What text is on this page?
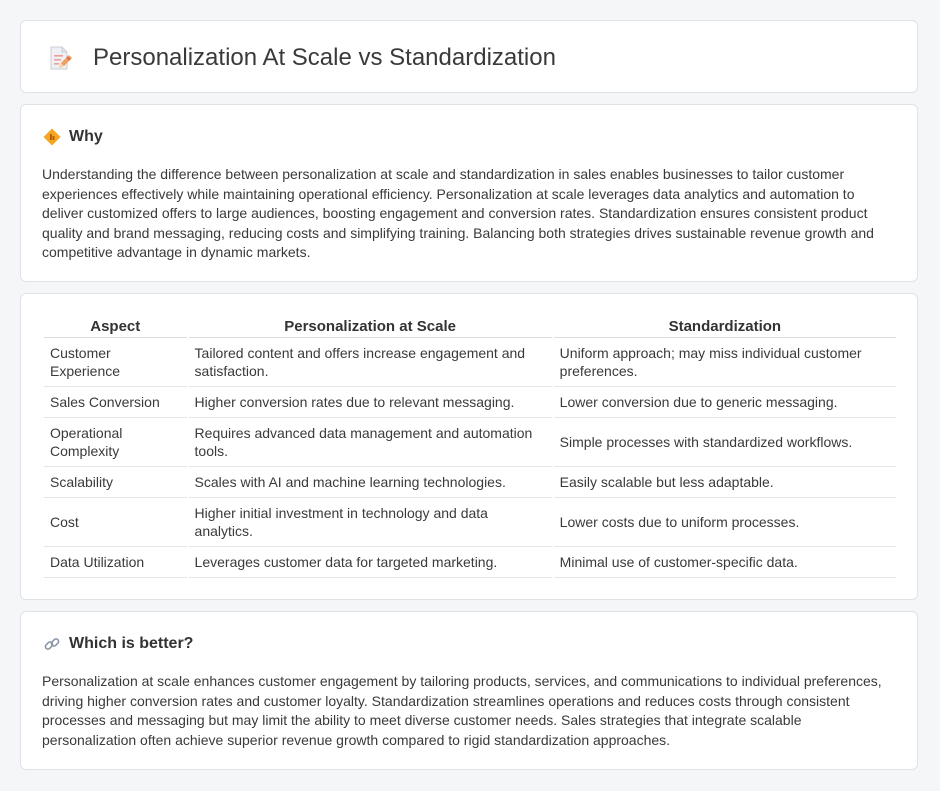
Personalization At Scale vs Standardization
Why

Understanding the difference between personalization at scale and standardization in sales enables businesses to tailor customer experiences effectively while maintaining operational efficiency. Personalization at scale leverages data analytics and automation to deliver customized offers to large audiences, boosting engagement and conversion rates. Standardization ensures consistent product quality and brand messaging, reducing costs and simplifying training. Balancing both strategies drives sustainable revenue growth and competitive advantage in dynamic markets.

Aspect	Personalization at Scale	Standardization
Customer Experience	Tailored content and offers increase engagement and satisfaction.	Uniform approach; may miss individual customer preferences.
Sales Conversion	Higher conversion rates due to relevant messaging.	Lower conversion due to generic messaging.
Operational Complexity	Requires advanced data management and automation tools.	Simple processes with standardized workflows.
Scalability	Scales with AI and machine learning technologies.	Easily scalable but less adaptable.
Cost	Higher initial investment in technology and data analytics.	Lower costs due to uniform processes.
Data Utilization	Leverages customer data for targeted marketing.	Minimal use of customer-specific data.
Which is better?

Personalization at scale enhances customer engagement by tailoring products, services, and communications to individual preferences, driving higher conversion rates and customer loyalty. Standardization streamlines operations and reduces costs through consistent processes and messaging but may limit the ability to meet diverse customer needs. Sales strategies that integrate scalable personalization often achieve superior revenue growth compared to rigid standardization approaches.
